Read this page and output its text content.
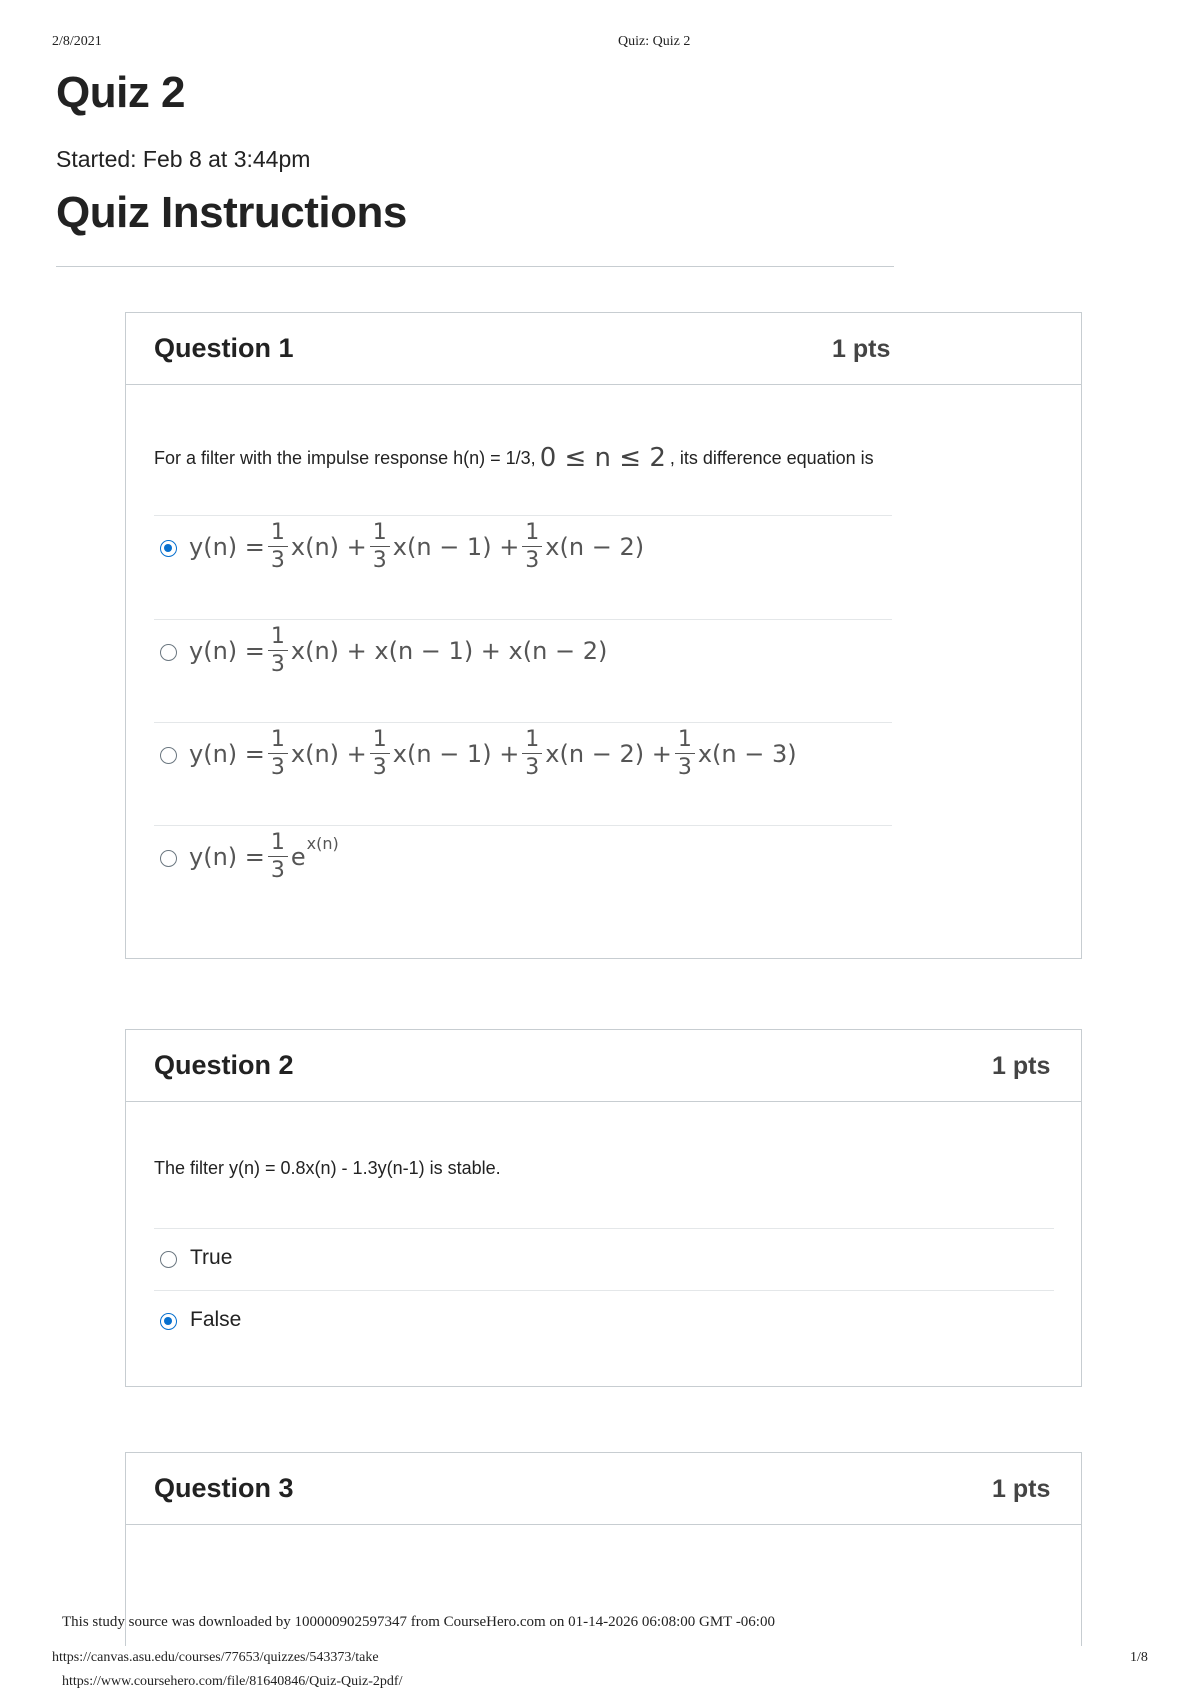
2/8/2021	Quiz: Quiz 2
Quiz 2
Started: Feb 8 at 3:44pm
Quiz Instructions
Question 1	1 pts
For a filter with the impulse response h(n) = 1/3, 0 ≤ n ≤ 2 , its difference equation is
$y(n) = \frac{1}{3} x(n) + \frac{1}{3} x(n - 1) + \frac{1}{3} x(n - 2)$
$y(n) = \frac{1}{3} x(n) + x(n - 1) + x(n - 2)$
$y(n) = \frac{1}{3} x(n) + \frac{1}{3} x(n - 1) + \frac{1}{3} x(n - 2) + \frac{1}{3} x(n - 3)$
$y(n) = \frac{1}{3} e^{x(n)}$
Question 2	1 pts
The filter y(n) = 0.8x(n) - 1.3y(n-1) is stable.
True
False
Question 3	1 pts
This study source was downloaded by 100000902597347 from CourseHero.com on 01-14-2026 06:08:00 GMT -06:00
https://canvas.asu.edu/courses/77653/quizzes/543373/take	1/8
https://www.coursehero.com/file/81640846/Quiz-Quiz-2pdf/
